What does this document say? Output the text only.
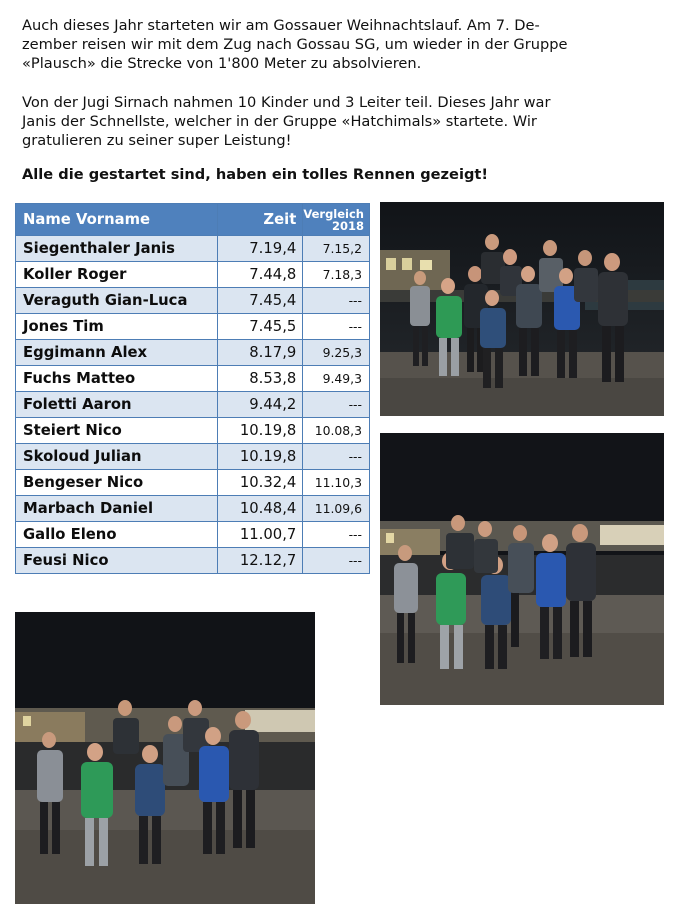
Auch dieses Jahr starteten wir am Gossauer Weihnachtslauf. Am 7. De-
zember reisen wir mit dem Zug nach Gossau SG, um wieder in der Gruppe
«Plausch» die Strecke von 1'800 Meter zu absolvieren.

Von der Jugi Sirnach nahmen 10 Kinder und 3 Leiter teil. Dieses Jahr war
Janis der Schnellste, welcher in der Gruppe «Hatchimals» startete. Wir
gratulieren zu seiner super Leistung!

Alle die gestartet sind, haben ein tolles Rennen gezeigt!

Name Vorname	Zeit	Vergleich
2018
Siegenthaler Janis	7.19,4	7.15,2
Koller Roger	7.44,8	7.18,3
Veraguth Gian-Luca	7.45,4	---
Jones Tim	7.45,5	---
Eggimann Alex	8.17,9	9.25,3
Fuchs Matteo	8.53,8	9.49,3
Foletti Aaron	9.44,2	---
Steiert Nico	10.19,8	10.08,3
Skoloud Julian	10.19,8	---
Bengeser Nico	10.32,4	11.10,3
Marbach Daniel	10.48,4	11.09,6
Gallo Eleno	11.00,7	---
Feusi Nico	12.12,7	---
